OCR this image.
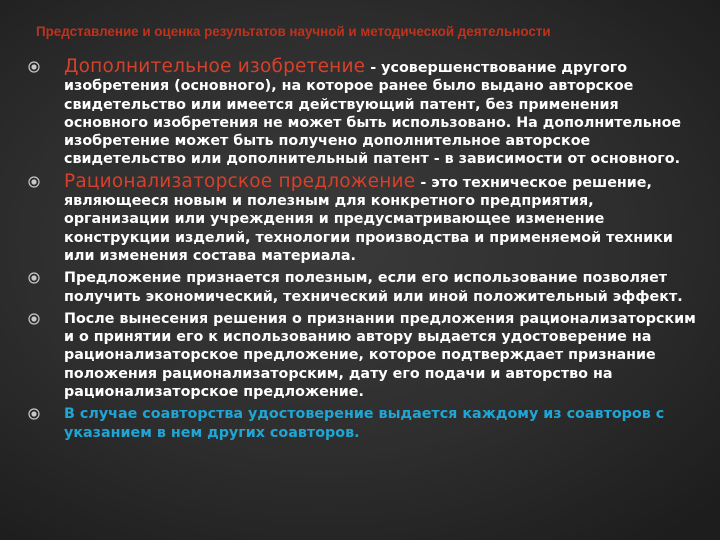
Представление и оценка результатов научной и методической деятельности
Дополнительное изобретение - усовершенствование другого изобретения (основного), на которое ранее было выдано авторское свидетельство или имеется действующий патент, без применения основного изобретения не может быть использовано. На дополнительное изобретение может быть получено дополнительное авторское свидетельство или дополнительный патент - в зависимости от основного.
Рационализаторское предложение - это техническое решение, являющееся новым и полезным для конкретного предприятия, организации или учреждения и предусматривающее изменение конструкции изделий, технологии производства и применяемой техники или изменения состава материала.
Предложение признается полезным, если его использование позволяет получить экономический, технический или иной положительный эффект.
После вынесения решения о признании предложения рационализаторским и о принятии его к использованию автору выдается удостоверение на рационализаторское предложение, которое подтверждает признание положения рационализаторским, дату его подачи и авторство на рационализаторское предложение.
В случае соавторства удостоверение выдается каждому из соавторов с указанием в нем других соавторов.
